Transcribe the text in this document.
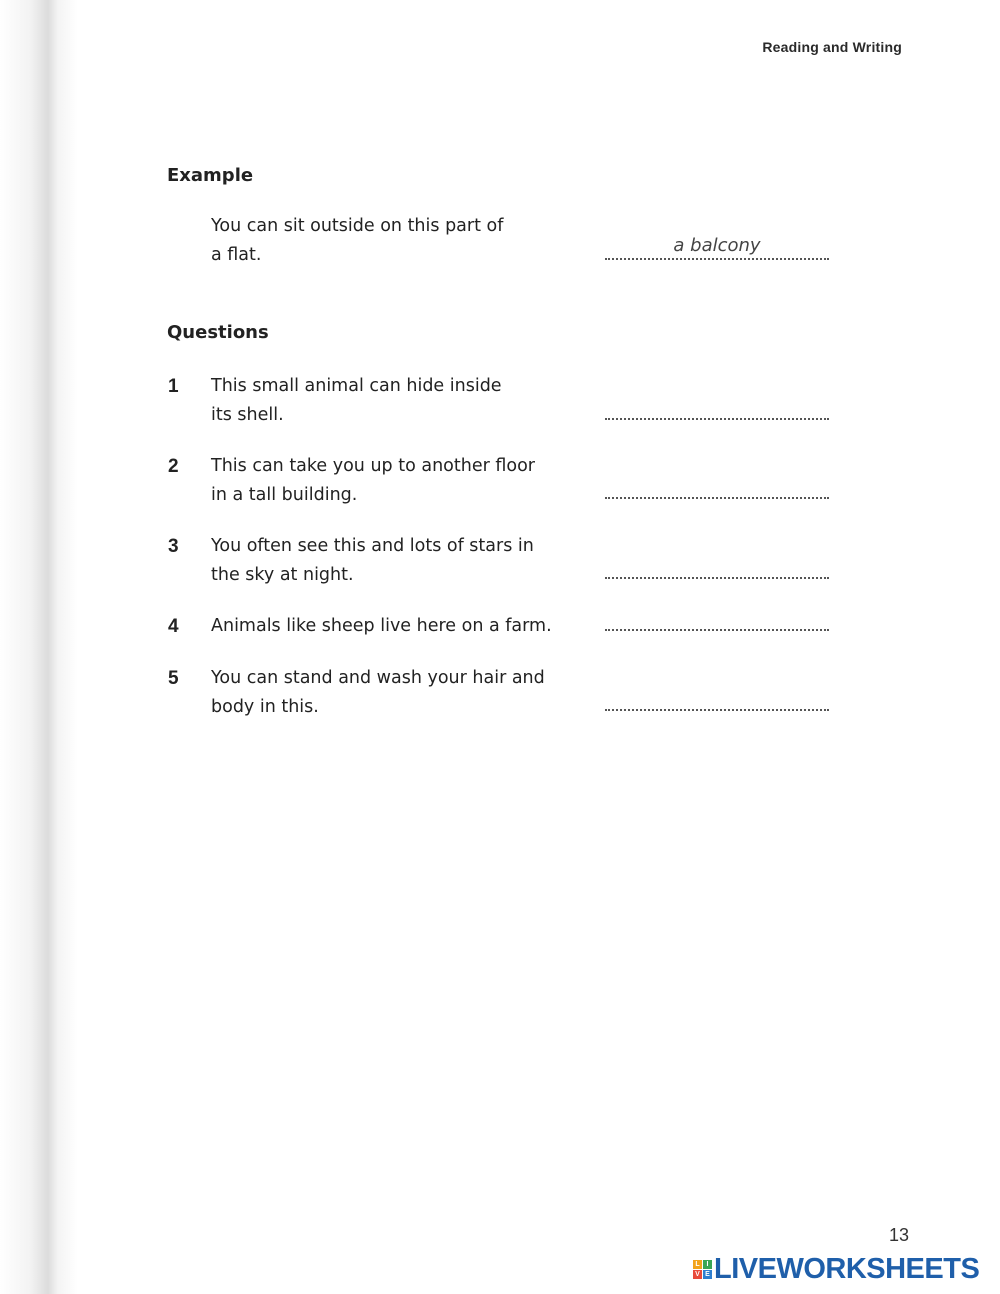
Reading and Writing
Example
You can sit outside on this part of
a flat.	a balcony
Questions
1 This small animal can hide inside
its shell.
2 This can take you up to another floor
in a tall building.
3 You often see this and lots of stars in
the sky at night.
4 Animals like sheep live here on a farm.
5 You can stand and wash your hair and
body in this.
13
L I
V E LIVEWORKSHEETS
